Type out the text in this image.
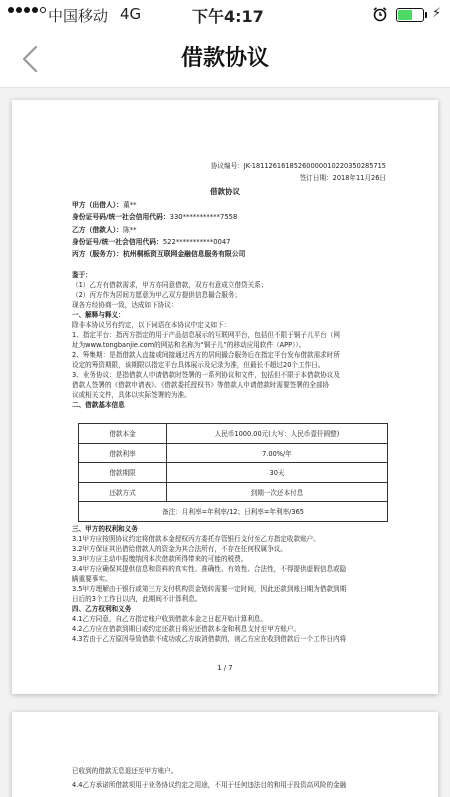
中国移动 4G	下午4:17	⚡
借款协议
协议编号：JK-1811261618526000001022035028571​5
签订日期：2018年11月26日
借款协议
甲方（出借人）：董**
身份证号码/统一社会信用代码：330***********7558
乙方（借款人）：陈**
身份证号/统一社会信用代码：522***********0047
丙方（服务方）：杭州桐栎资互联网金融信息服务有限公司
鉴于：
（1）乙方有借款需求，甲方亦同意借款，双方有意成立借贷关系；
（2）丙方作为居间方愿意为甲乙双方提供信息撮合服务；
现各方经协商一致，达成如下协议：
一、解释与释义：
除非本协议另有约定，以下词语在本协议中定义如下：
1、指定平台：指丙方指定的用于产品信息展示的互联网平台，包括但不限于铜子儿平台（网
址为www.tongbanjie.com的网站和名称为“铜子儿”的移动应用软件（APP））。
2、筹集期：是指借款人直接或间接通过丙方的居间撮合服务后在指定平台发布借款需求时所
设定的筹资期限，该期限以指定平台具体展示及记录为准，但最长不超过20个工作日。
3、业务协议：是指借款人申请借款时签署的一系列协议和文件，包括但不限于本借款协议及
借款人签署的《借款申请表》、《借款委托授权书》等借款人申请借款时需要签署的全部协
议或相关文件，具体以实际签署的为准。
二、借款基本信息
借款本金	人民币1000.00元(大写：人民币壹仟圆整)
借款利率	7.00%/年
借款期限	30天
还款方式	到期一次还本付息
备注：月利率=年利率/12；日利率=年利率/365	
三、甲方的权利和义务
3.1甲方应按照协议约定将借款本金授权丙方委托存管银行支付至乙方指定收款账户。
3.2甲方保证其出借给借款人的资金为其合法所有，不存在任何权属争议。
3.3甲方应主动申报缴纳因本次借款所得带来的可能的税费。
3.4甲方应确保其提供信息和资料的真实性、准确性、有效性、合法性，不得提供虚假信息或隐
瞒重要事实。
3.5甲方理解由于银行或第三方支付机构资金划转需要一定时间，因此还款到账日期为借款到期
日后的3个工作日以内，此期间不计算利息。
四、乙方权利和义务
4.1乙方同意，自乙方指定账户收到借款本金之日起开始计算利息。
4.2乙方应在借款到期日或约定还款日将应还借款本金和利息支付至甲方账户。
4.3若由于乙方原因导致借款不成功或乙方取消借款的，则乙方应在收到借款后一个工作日内将
1 / 7
已收到的借款无息退还至甲方账户。
4.4乙方承诺所借款项用于业务协议约定之用途，不用于任何违法目的和用于投资高风险的金融
